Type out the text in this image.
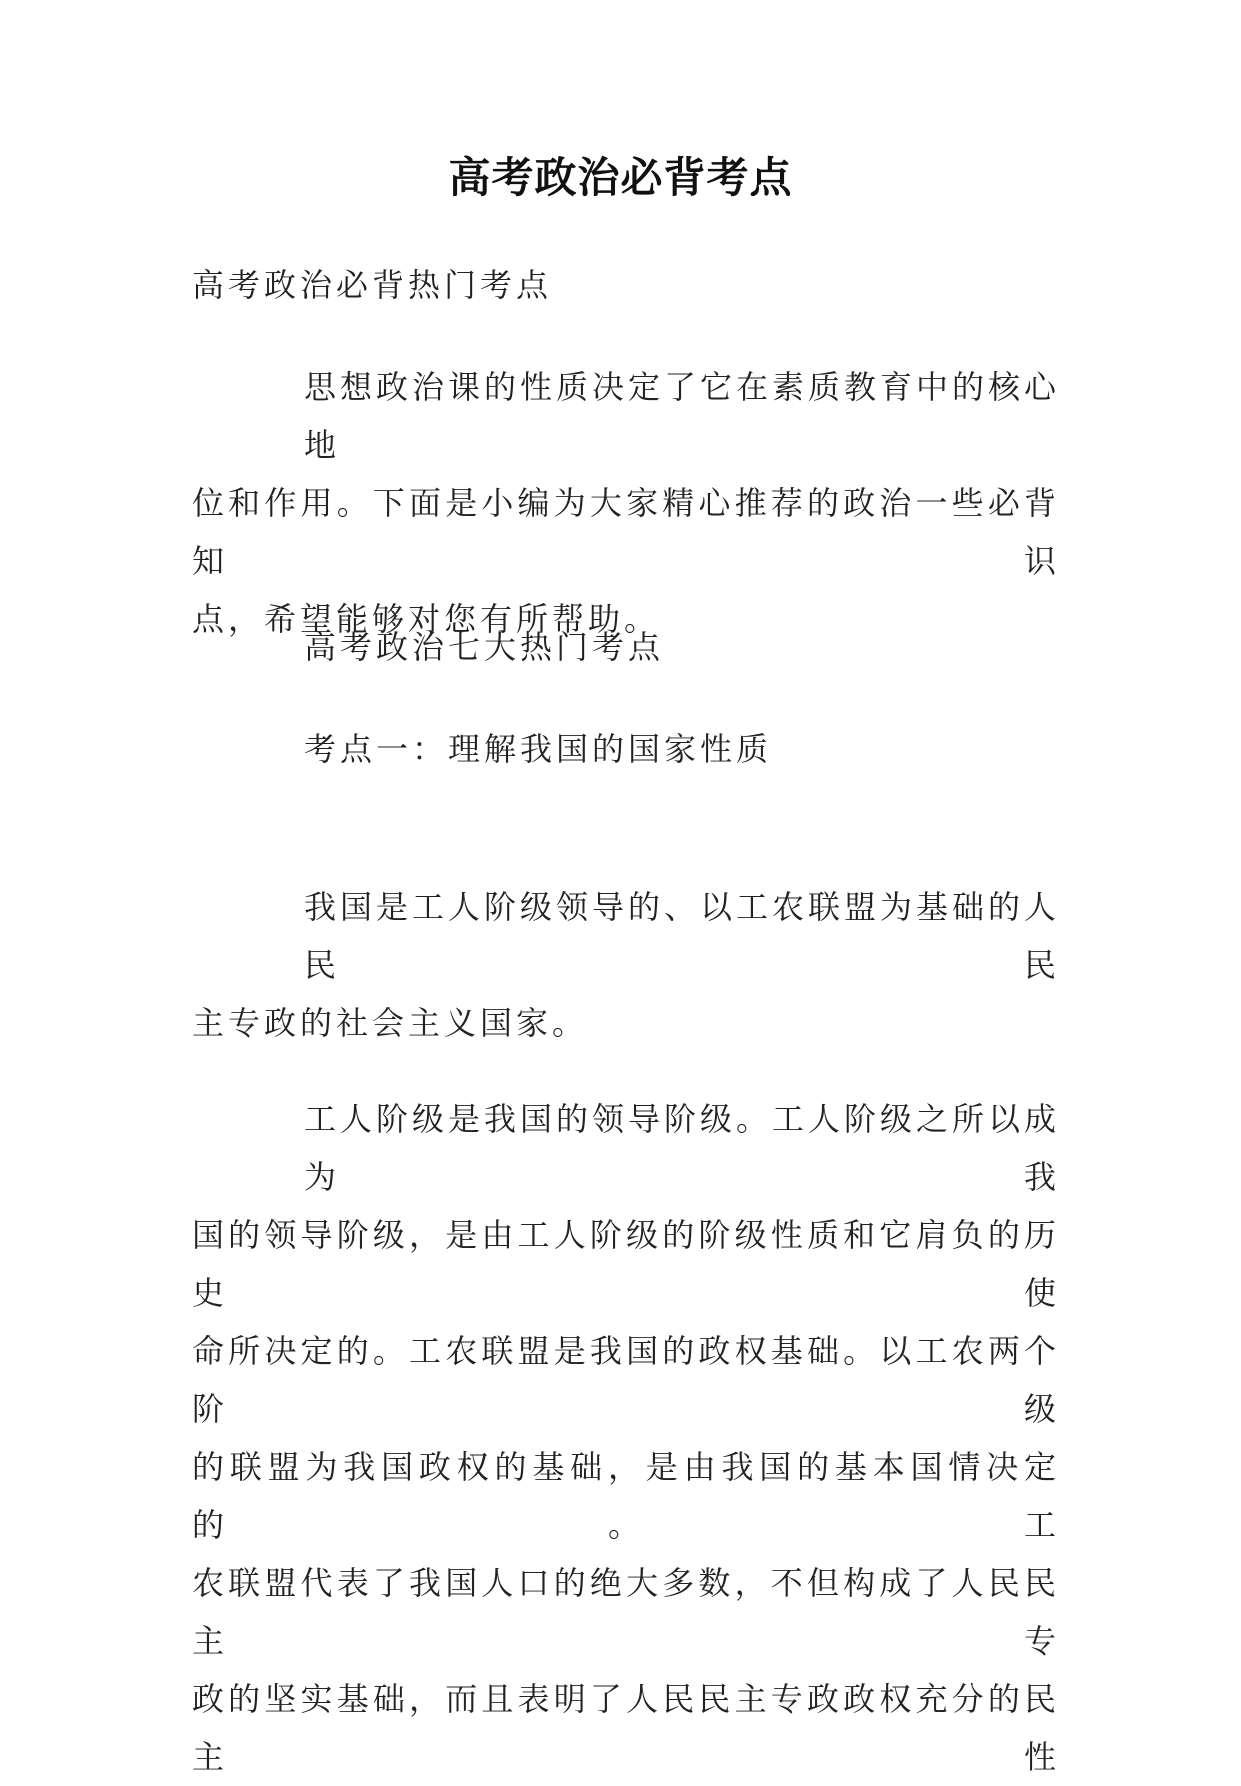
高考政治必背考点
高考政治必背热门考点
思想政治课的性质决定了它在素质教育中的核心地
位和作用。下面是小编为大家精心推荐的政治一些必背知识
点，希望能够对您有所帮助。
高考政治七大热门考点
考点一：理解我国的国家性质
我国是工人阶级领导的、以工农联盟为基础的人民民
主专政的社会主义国家。
工人阶级是我国的领导阶级。工人阶级之所以成为我
国的领导阶级，是由工人阶级的阶级性质和它肩负的历史使
命所决定的。工农联盟是我国的政权基础。以工农两个阶级
的联盟为我国政权的基础，是由我国的基本国情决定的。工
农联盟代表了我国人口的绝大多数，不但构成了人民民主专
政的坚实基础，而且表明了人民民主专政政权充分的民主性
